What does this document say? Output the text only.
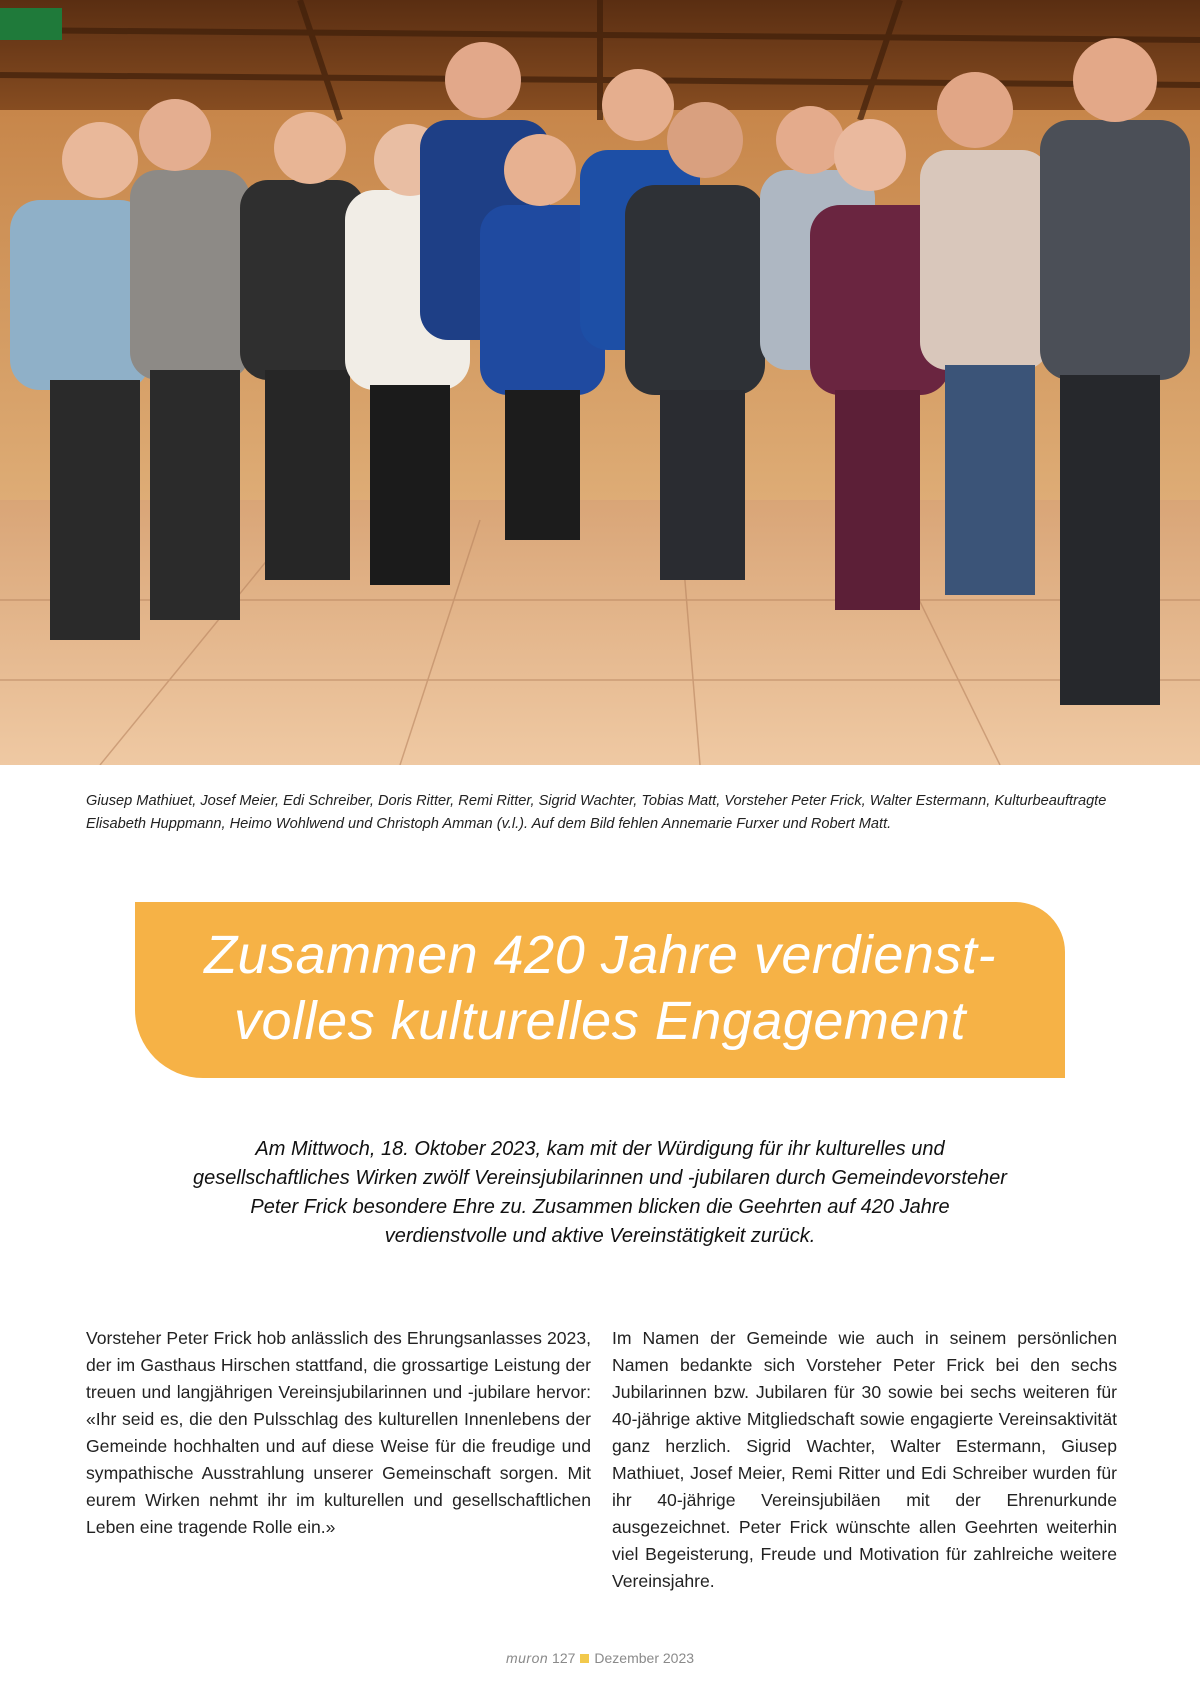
Giusep Mathiuet, Josef Meier, Edi Schreiber, Doris Ritter, Remi Ritter, Sigrid Wachter, Tobias Matt, Vorsteher Peter Frick, Walter Estermann, Kulturbeauftragte Elisabeth Huppmann, Heimo Wohlwend und Christoph Amman (v.l.). Auf dem Bild fehlen Annemarie Furxer und Robert Matt.
Zusammen 420 Jahre verdienst-
volles kulturelles Engagement
Am Mittwoch, 18. Oktober 2023, kam mit der Würdigung für ihr kulturelles und gesellschaftliches Wirken zwölf Vereinsjubilarinnen und -jubilaren durch Gemeindevorsteher Peter Frick besondere Ehre zu. Zusammen blicken die Geehrten auf 420 Jahre verdienstvolle und aktive Vereinstätigkeit zurück.
Vorsteher Peter Frick hob anlässlich des Ehrungsanlasses 2023, der im Gasthaus Hirschen stattfand, die grossartige Leistung der treuen und langjährigen Vereinsjubilarinnen und -jubilare hervor: «Ihr seid es, die den Pulsschlag des kulturellen Innenlebens der Gemeinde hochhalten und auf diese Weise für die freudige und sympathische Ausstrahlung unserer Gemeinschaft sorgen. Mit eurem Wirken nehmt ihr im kulturellen und gesellschaftlichen Leben eine tragende Rolle ein.»
Im Namen der Gemeinde wie auch in seinem persönlichen Namen bedankte sich Vorsteher Peter Frick bei den sechs Jubilarinnen bzw. Jubilaren für 30 sowie bei sechs weiteren für 40-jährige aktive Mitgliedschaft sowie engagierte Vereinsaktivität ganz herzlich. Sigrid Wachter, Walter Estermann, Giusep Mathiuet, Josef Meier, Remi Ritter und Edi Schreiber wurden für ihr 40-jährige Vereinsjubiläen mit der Ehrenurkunde ausgezeichnet. Peter Frick wünschte allen Geehrten weiterhin viel Begeisterung, Freude und Motivation für zahlreiche weitere Vereinsjahre.
muron 127 Dezember 2023
